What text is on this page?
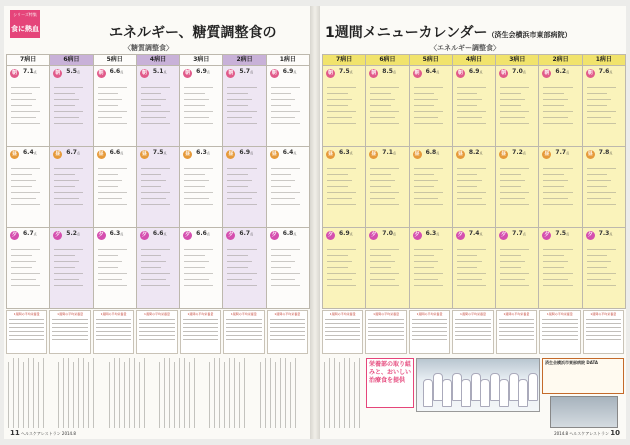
シリーズ特集
食に熱血	エネルギー、糖質調整食の
〈糖質調整食〉
7病日	6病日	5病日	4病日	3病日	2病日	1病日
朝	7.1点	朝	5.5点	朝	6.6点	朝	5.1点	朝	6.9点	朝	5.7点	朝	6.9点
昼	6.4点	昼	6.7点	昼	6.6点	昼	7.5点	昼	6.3点	昼	6.9点	昼	6.4点
夕	6.7点	夕	5.2点	夕	6.3点	夕	6.6点	夕	6.6点	夕	6.7点	夕	6.8点
1週間の平均栄養量	1週間の平均栄養量	1週間の平均栄養量	1週間の平均栄養量	1週間の平均栄養量	1週間の平均栄養量	1週間の平均栄養量
11 ヘルスケアレストラン 2014.8
1週間メニューカレンダー（済生会横浜市東部病院）
〈エネルギー調整食〉
7病日	6病日	5病日	4病日	3病日	2病日	1病日
朝	7.5点	朝	8.5点	朝	6.4点	朝	6.9点	朝	7.0点	朝	6.2点	朝	7.6点
昼	6.3点	昼	7.1点	昼	6.8点	昼	8.2点	昼	7.2点	昼	7.7点	昼	7.8点
夕	6.9点	夕	7.0点	夕	6.3点	夕	7.4点	夕	7.7点	夕	7.5点	夕	7.3点
1週間の平均栄養量	1週間の平均栄養量	1週間の平均栄養量	1週間の平均栄養量	1週間の平均栄養量	1週間の平均栄養量	1週間の平均栄養量
栄養部の取り組みと、おいしい治療食を提供
済生会横浜市東部病院 DATA
2014.8 ヘルスケアレストラン 10
